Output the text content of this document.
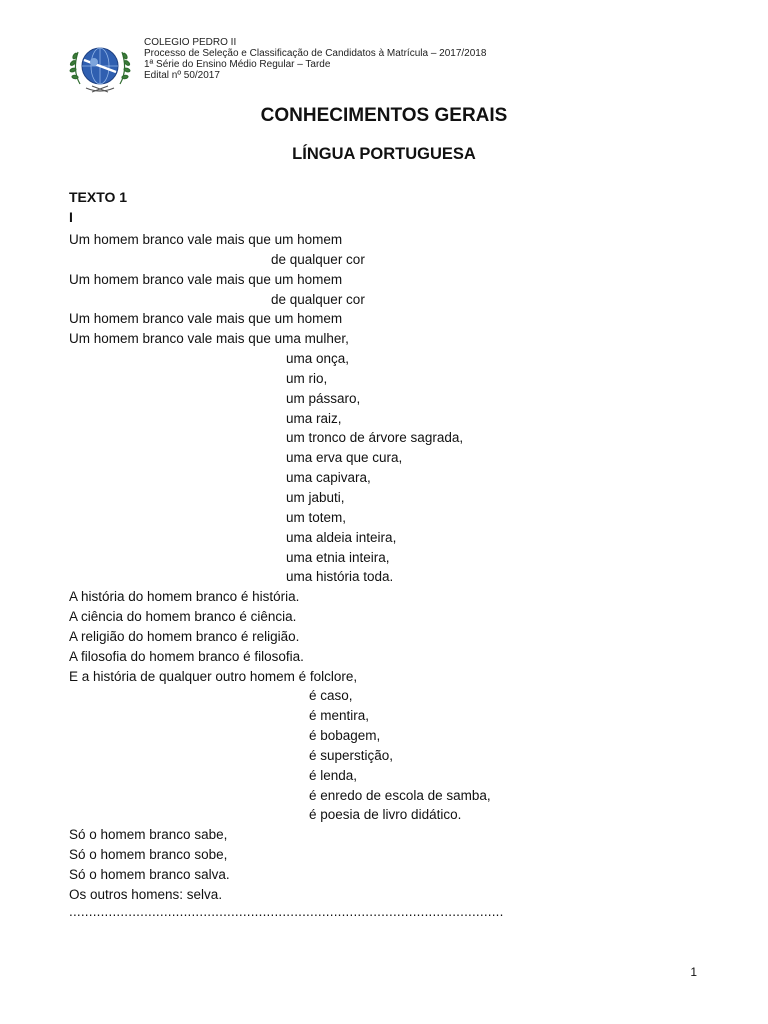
COLEGIO PEDRO II
Processo de Seleção e Classificação de Candidatos à Matrícula – 2017/2018
1ª Série do Ensino Médio Regular – Tarde
Edital nº 50/2017
CONHECIMENTOS GERAIS
LÍNGUA PORTUGUESA
TEXTO 1
I
Um homem branco vale mais que um homem
de qualquer cor
Um homem branco vale mais que um homem
de qualquer cor
Um homem branco vale mais que um homem
Um homem branco vale mais que uma mulher,
uma onça,
um rio,
um pássaro,
uma raiz,
um tronco de árvore sagrada,
uma erva que cura,
uma capivara,
um jabuti,
um totem,
uma aldeia inteira,
uma etnia inteira,
uma história toda.
A história do homem branco é história.
A ciência do homem branco é ciência.
A religião do homem branco é religião.
A filosofia do homem branco é filosofia.
E a história de qualquer outro homem é folclore,
é caso,
é mentira,
é bobagem,
é superstição,
é lenda,
é enredo de escola de samba,
é poesia de livro didático.
Só o homem branco sabe,
Só o homem branco sobe,
Só o homem branco salva.
Os outros homens: selva.
..............................................................................................................
1
